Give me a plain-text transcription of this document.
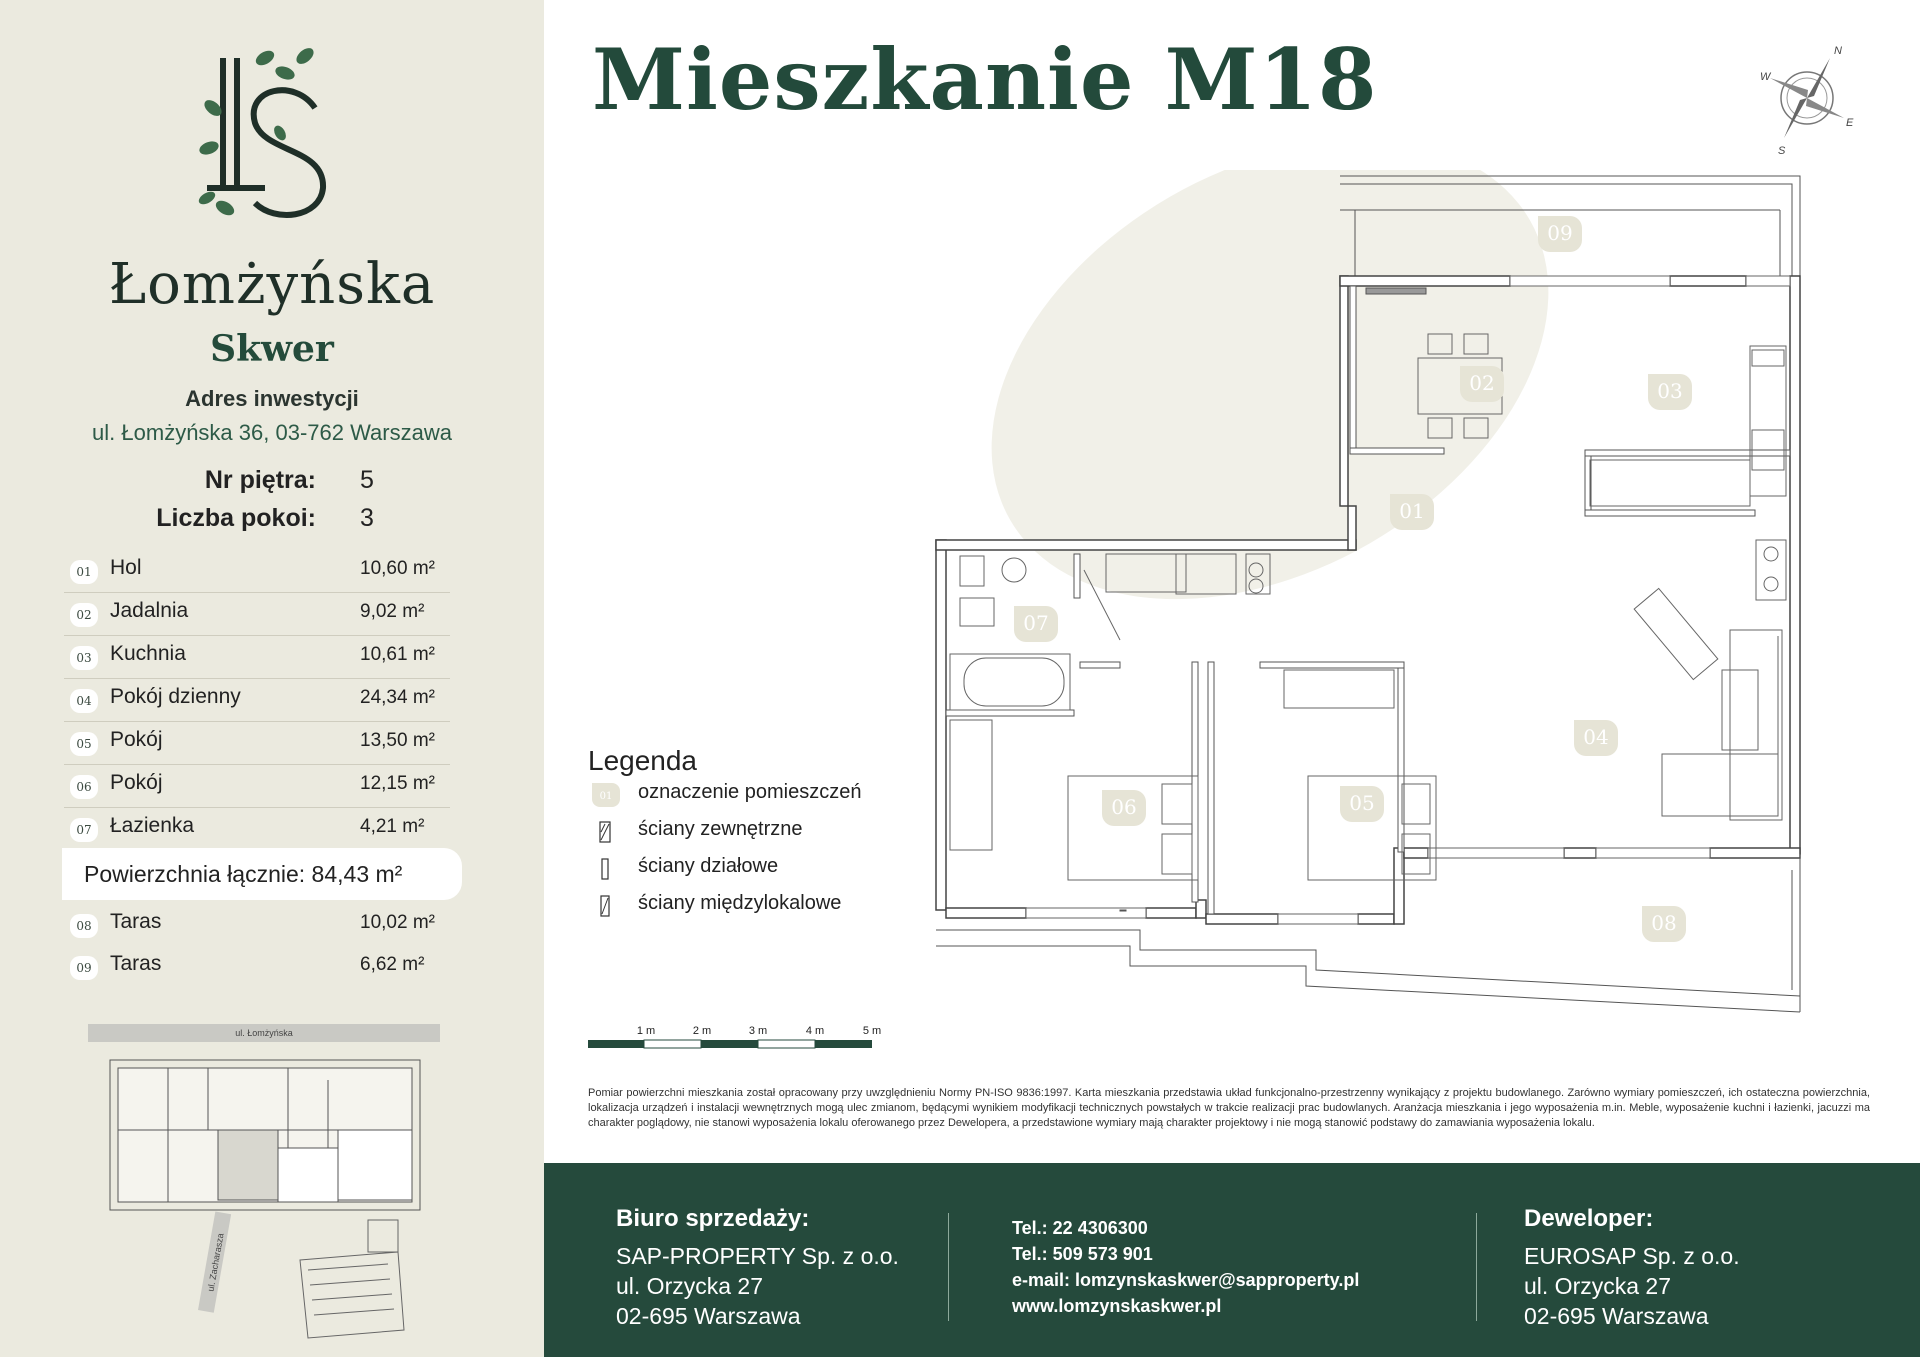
Łomżyńska
Skwer
Adres inwestycji
ul. Łomżyńska 36, 03-762 Warszawa
Nr piętra: 5
Liczba pokoi: 3
01 Hol	10,60 m²
02 Jadalnia	9,02 m²
03 Kuchnia	10,61 m²
04 Pokój dzienny	24,34 m²
05 Pokój	13,50 m²
06 Pokój	12,15 m²
07 Łazienka	4,21 m²
Powierzchnia łącznie: 84,43 m²
08 Taras	10,02 m²
09 Taras	6,62 m²
ul. Łomżyńska
ul. Zacharasza
Mieszkanie M18	N
W
E
S
09
02	03
01
07
04
06	05
08
Legenda
01 oznaczenie pomieszczeń
ściany zewnętrzne
ściany działowe
ściany międzylokalowe
1 m	2 m	3 m	4 m	5 m
Pomiar powierzchni mieszkania został opracowany przy uwzględnieniu Normy PN-ISO 9836:1997. Karta mieszkania przedstawia układ funkcjonalno-przestrzenny wynikający z projektu budowlanego. Zarówno wymiary pomieszczeń, ich ostateczna powierzchnia, lokalizacja urządzeń i instalacji wewnętrznych mogą ulec zmianom, będącymi wynikiem modyfikacji technicznych powstałych w trakcie realizacji prac budowlanych. Aranżacja mieszkania i jego wyposażenia m.in. Meble, wyposażenie kuchni i łazienki, jacuzzi ma charakter poglądowy, nie stanowi wyposażenia lokalu oferowanego przez Dewelopera, a przedstawione wymiary mają charakter projektowy i nie mogą stanowić podstawy do zamawiania wyposażenia lokalu.
Biuro sprzedaży:
SAP-PROPERTY Sp. z o.o.
ul. Orzycka 27
02-695 Warszawa
Tel.: 22 4306300
Tel.: 509 573 901
e-mail: lomzynskaskwer@sapproperty.pl
www.lomzynskaskwer.pl
Deweloper:
EUROSAP Sp. z o.o.
ul. Orzycka 27
02-695 Warszawa
